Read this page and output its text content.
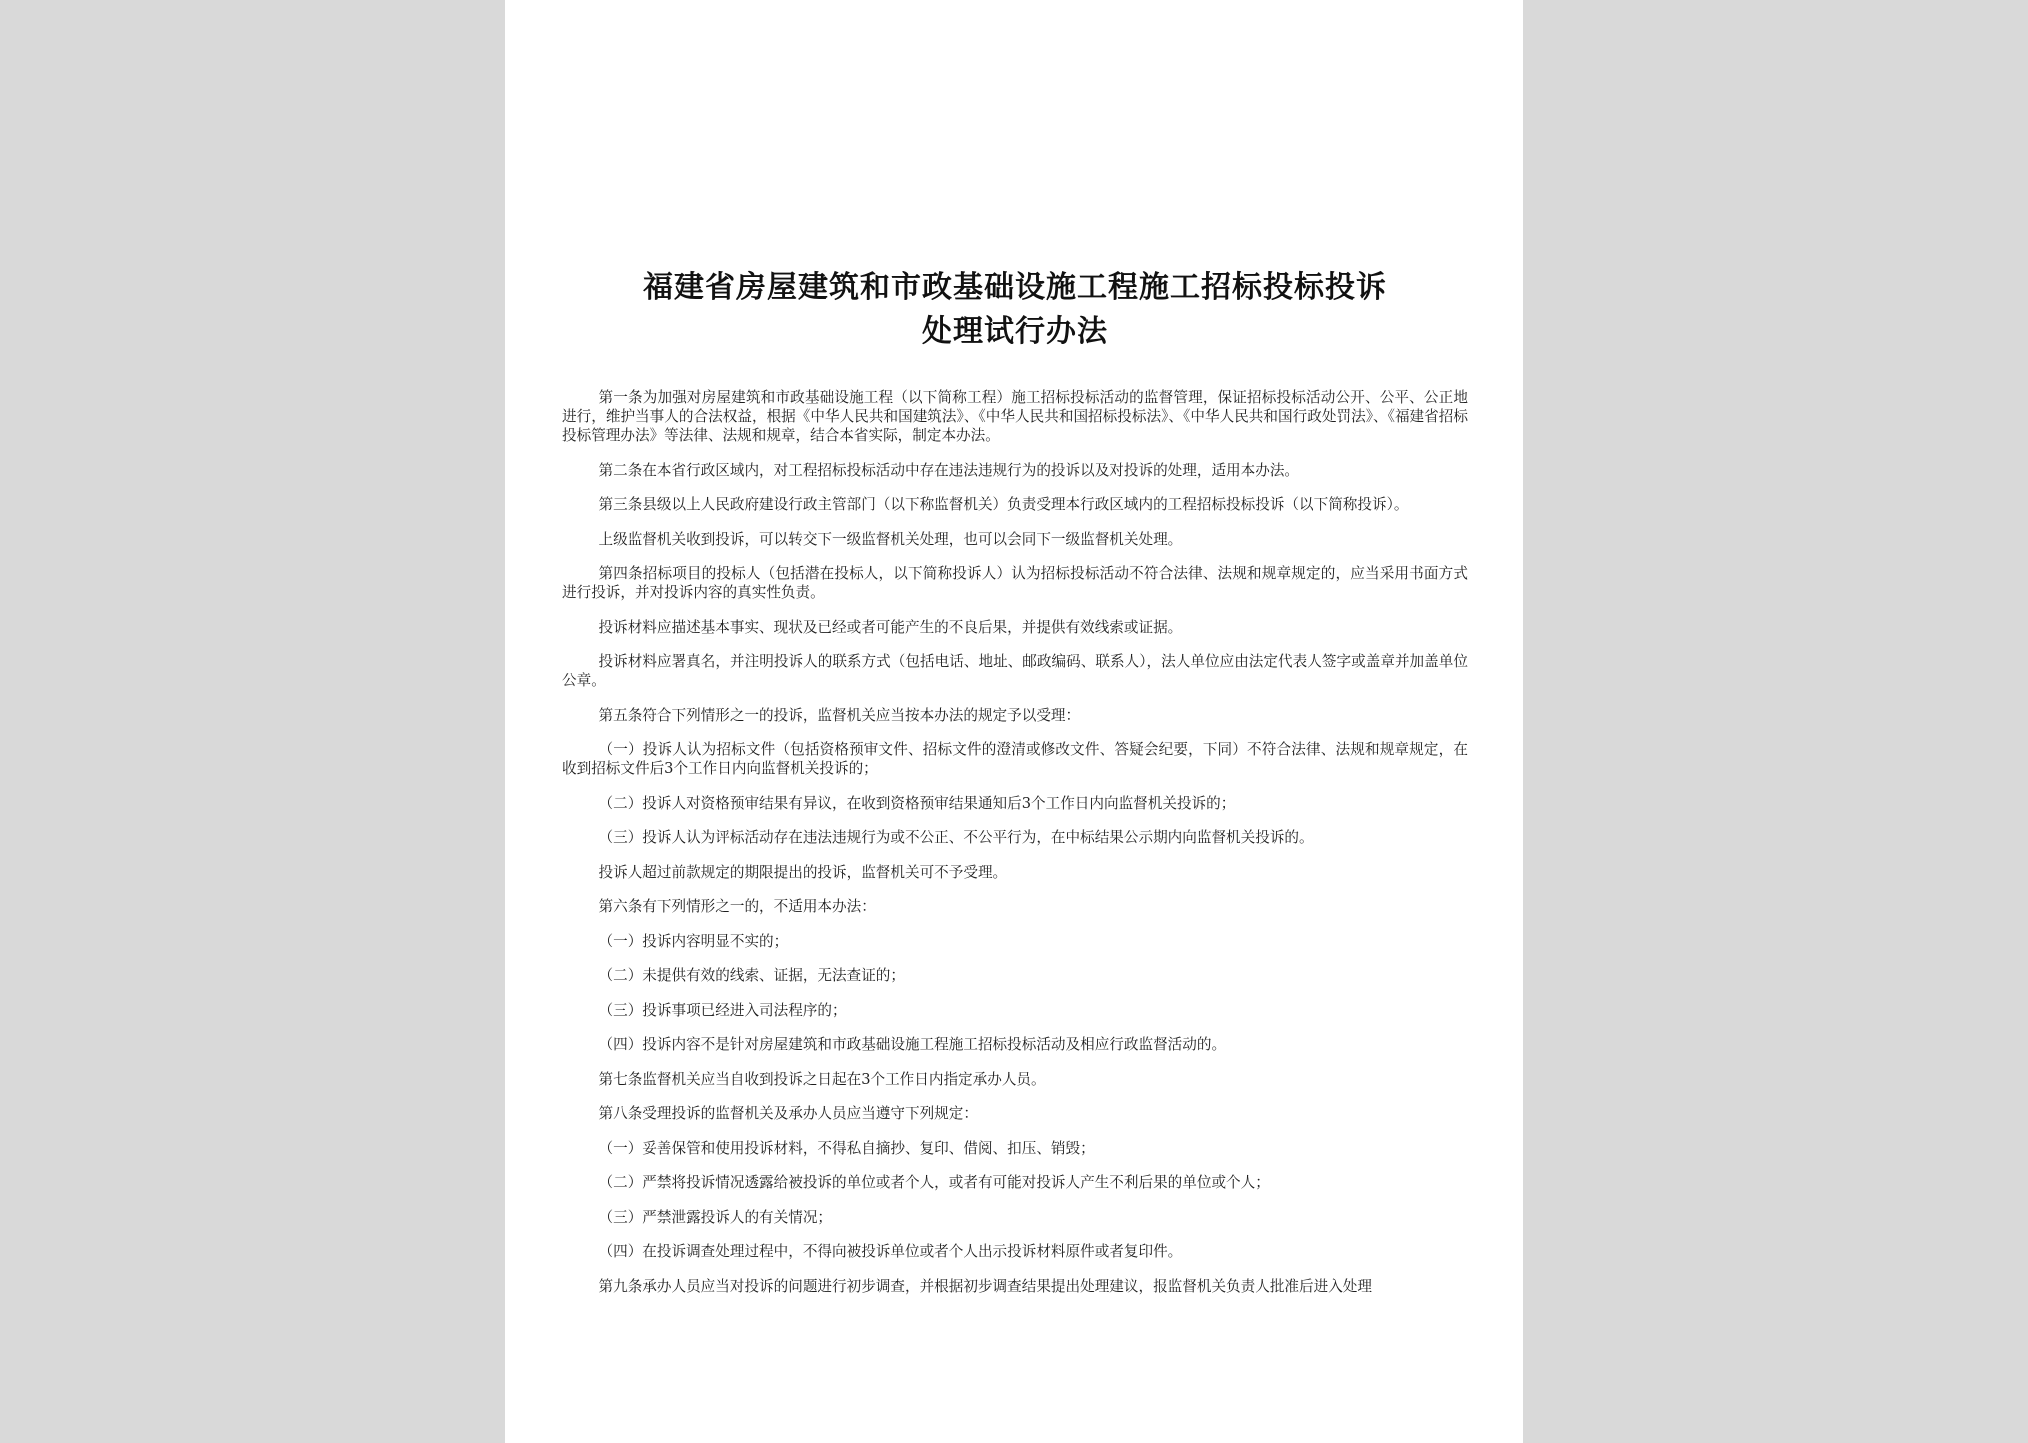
福建省房屋建筑和市政基础设施工程施工招标投标投诉
处理试行办法

第一条为加强对房屋建筑和市政基础设施工程（以下简称工程）施工招标投标活动的监督管理，保证招标投标活动公开、公平、公正地进行，维护当事人的合法权益，根据《中华人民共和国建筑法》、《中华人民共和国招标投标法》、《中华人民共和国行政处罚法》、《福建省招标投标管理办法》等法律、法规和规章，结合本省实际，制定本办法。

第二条在本省行政区域内，对工程招标投标活动中存在违法违规行为的投诉以及对投诉的处理，适用本办法。

第三条县级以上人民政府建设行政主管部门（以下称监督机关）负责受理本行政区域内的工程招标投标投诉（以下简称投诉）。

上级监督机关收到投诉，可以转交下一级监督机关处理，也可以会同下一级监督机关处理。

第四条招标项目的投标人（包括潜在投标人，以下简称投诉人）认为招标投标活动不符合法律、法规和规章规定的，应当采用书面方式进行投诉，并对投诉内容的真实性负责。

投诉材料应描述基本事实、现状及已经或者可能产生的不良后果，并提供有效线索或证据。

投诉材料应署真名，并注明投诉人的联系方式（包括电话、地址、邮政编码、联系人），法人单位应由法定代表人签字或盖章并加盖单位公章。

第五条符合下列情形之一的投诉，监督机关应当按本办法的规定予以受理：

（一）投诉人认为招标文件（包括资格预审文件、招标文件的澄清或修改文件、答疑会纪要，下同）不符合法律、法规和规章规定，在收到招标文件后3个工作日内向监督机关投诉的；

（二）投诉人对资格预审结果有异议，在收到资格预审结果通知后3个工作日内向监督机关投诉的；

（三）投诉人认为评标活动存在违法违规行为或不公正、不公平行为，在中标结果公示期内向监督机关投诉的。

投诉人超过前款规定的期限提出的投诉，监督机关可不予受理。

第六条有下列情形之一的，不适用本办法：

（一）投诉内容明显不实的；

（二）未提供有效的线索、证据，无法查证的；

（三）投诉事项已经进入司法程序的；

（四）投诉内容不是针对房屋建筑和市政基础设施工程施工招标投标活动及相应行政监督活动的。

第七条监督机关应当自收到投诉之日起在3个工作日内指定承办人员。

第八条受理投诉的监督机关及承办人员应当遵守下列规定：

（一）妥善保管和使用投诉材料，不得私自摘抄、复印、借阅、扣压、销毁；

（二）严禁将投诉情况透露给被投诉的单位或者个人，或者有可能对投诉人产生不利后果的单位或个人；

（三）严禁泄露投诉人的有关情况；

（四）在投诉调查处理过程中，不得向被投诉单位或者个人出示投诉材料原件或者复印件。

第九条承办人员应当对投诉的问题进行初步调查，并根据初步调查结果提出处理建议，报监督机关负责人批准后进入处理
